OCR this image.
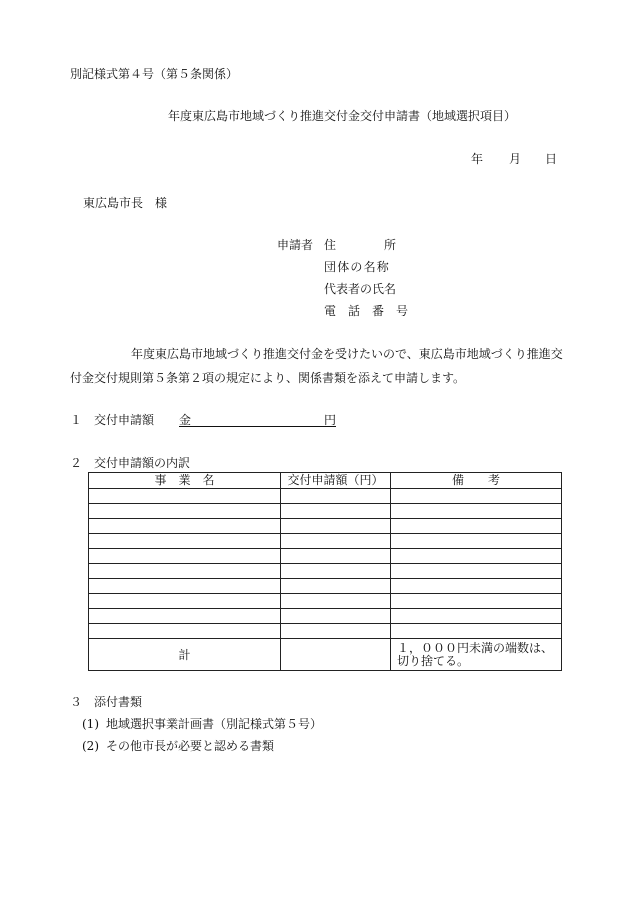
別記様式第４号（第５条関係）
年度東広島市地域づくり推進交付金交付申請書（地域選択項目）
年 月 日
東広島市長　様
申請者 住　　　　所
団体の名称
代表者の氏名
電　話　番　号
年度東広島市地域づくり推進交付金を受けたいので、東広島市地域づくり推進交
付金交付規則第５条第２項の規定により、関係書類を添えて申請します。
１ 交付申請額 金	円
２ 交付申請額の内訳
事　業　名	交付申請額（円）	備　　考

計		１，０００円未満の端数は、
切り捨てる。
３ 添付書類
(1) 地域選択事業計画書（別記様式第５号）
(2) その他市長が必要と認める書類
